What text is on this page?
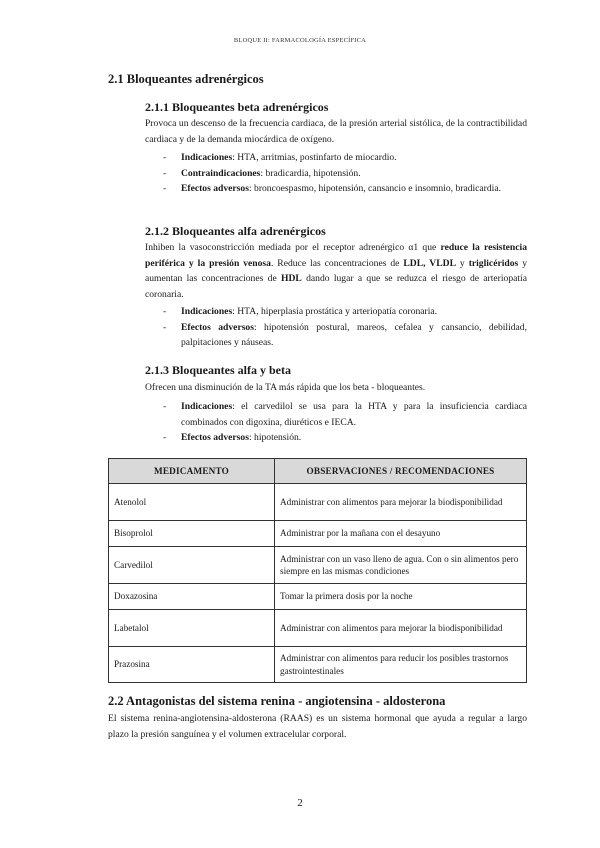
BLOQUE II: FARMACOLOGÍA ESPECÍFICA
2.1 Bloqueantes adrenérgicos
2.1.1 Bloqueantes beta adrenérgicos

Provoca un descenso de la frecuencia cardiaca, de la presión arterial sistólica, de la contractibilidad cardiaca y de la demanda miocárdica de oxígeno.

- Indicaciones: HTA, arritmias, postinfarto de miocardio.
- Contraindicaciones: bradicardia, hipotensión.
- Efectos adversos: broncoespasmo, hipotensión, cansancio e insomnio, bradicardia.
2.1.2 Bloqueantes alfa adrenérgicos

Inhiben la vasoconstricción mediada por el receptor adrenérgico α1 que reduce la resistencia periférica y la presión venosa. Reduce las concentraciones de LDL, VLDL y triglicéridos y aumentan las concentraciones de HDL dando lugar a que se reduzca el riesgo de arteriopatía coronaria.

- Indicaciones: HTA, hiperplasia prostática y arteriopatía coronaria.
- Efectos adversos: hipotensión postural, mareos, cefalea y cansancio, debilidad, palpitaciones y náuseas.
2.1.3 Bloqueantes alfa y beta

Ofrecen una disminución de la TA más rápida que los beta - bloqueantes.

- Indicaciones: el carvedilol se usa para la HTA y para la insuficiencia cardiaca combinados con digoxina, diuréticos e IECA.
- Efectos adversos: hipotensión.
MEDICAMENTO	OBSERVACIONES / RECOMENDACIONES
Atenolol	Administrar con alimentos para mejorar la biodisponibilidad
Bisoprolol	Administrar por la mañana con el desayuno
Carvedilol	Administrar con un vaso lleno de agua. Con o sin alimentos pero siempre en las mismas condiciones
Doxazosina	Tomar la primera dosis por la noche
Labetalol	Administrar con alimentos para mejorar la biodisponibilidad
Prazosina	Administrar con alimentos para reducir los posibles trastornos gastrointestinales
2.2 Antagonistas del sistema renina - angiotensina - aldosterona

El sistema renina-angiotensina-aldosterona (RAAS) es un sistema hormonal que ayuda a regular a largo plazo la presión sanguínea y el volumen extracelular corporal.

2
